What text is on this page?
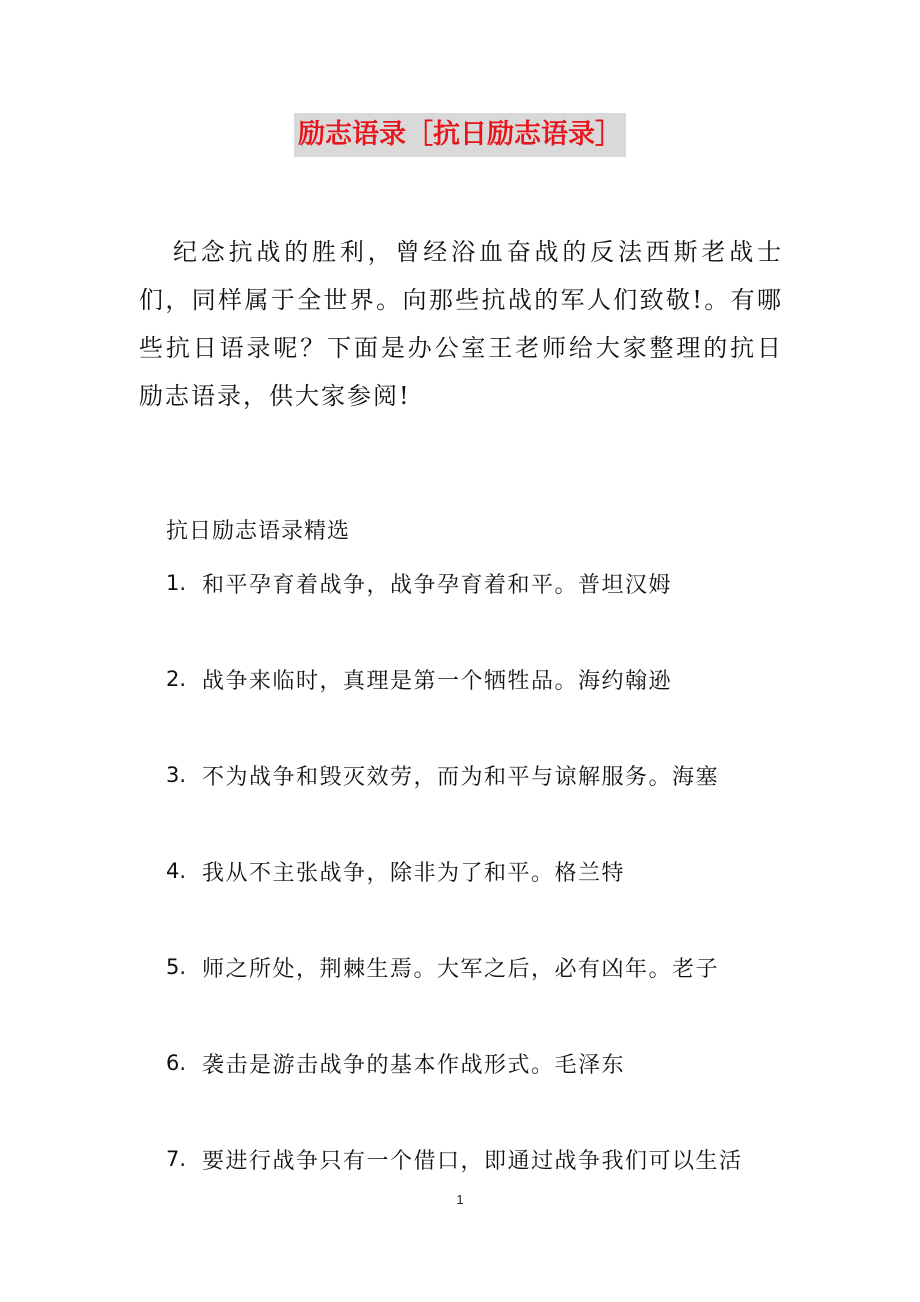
励志语录［抗日励志语录］

纪念抗战的胜利，曾经浴血奋战的反法西斯老战士们，同样属于全世界。向那些抗战的军人们致敬!。有哪些抗日语录呢？下面是办公室王老师给大家整理的抗日励志语录，供大家参阅!

抗日励志语录精选

1. 和平孕育着战争，战争孕育着和平。普坦汉姆
2. 战争来临时，真理是第一个牺牲品。海约翰逊
3. 不为战争和毁灭效劳，而为和平与谅解服务。海塞
4. 我从不主张战争，除非为了和平。格兰特
5. 师之所处，荆棘生焉。大军之后，必有凶年。老子
6. 袭击是游击战争的基本作战形式。毛泽东
7. 要进行战争只有一个借口，即通过战争我们可以生活
1
